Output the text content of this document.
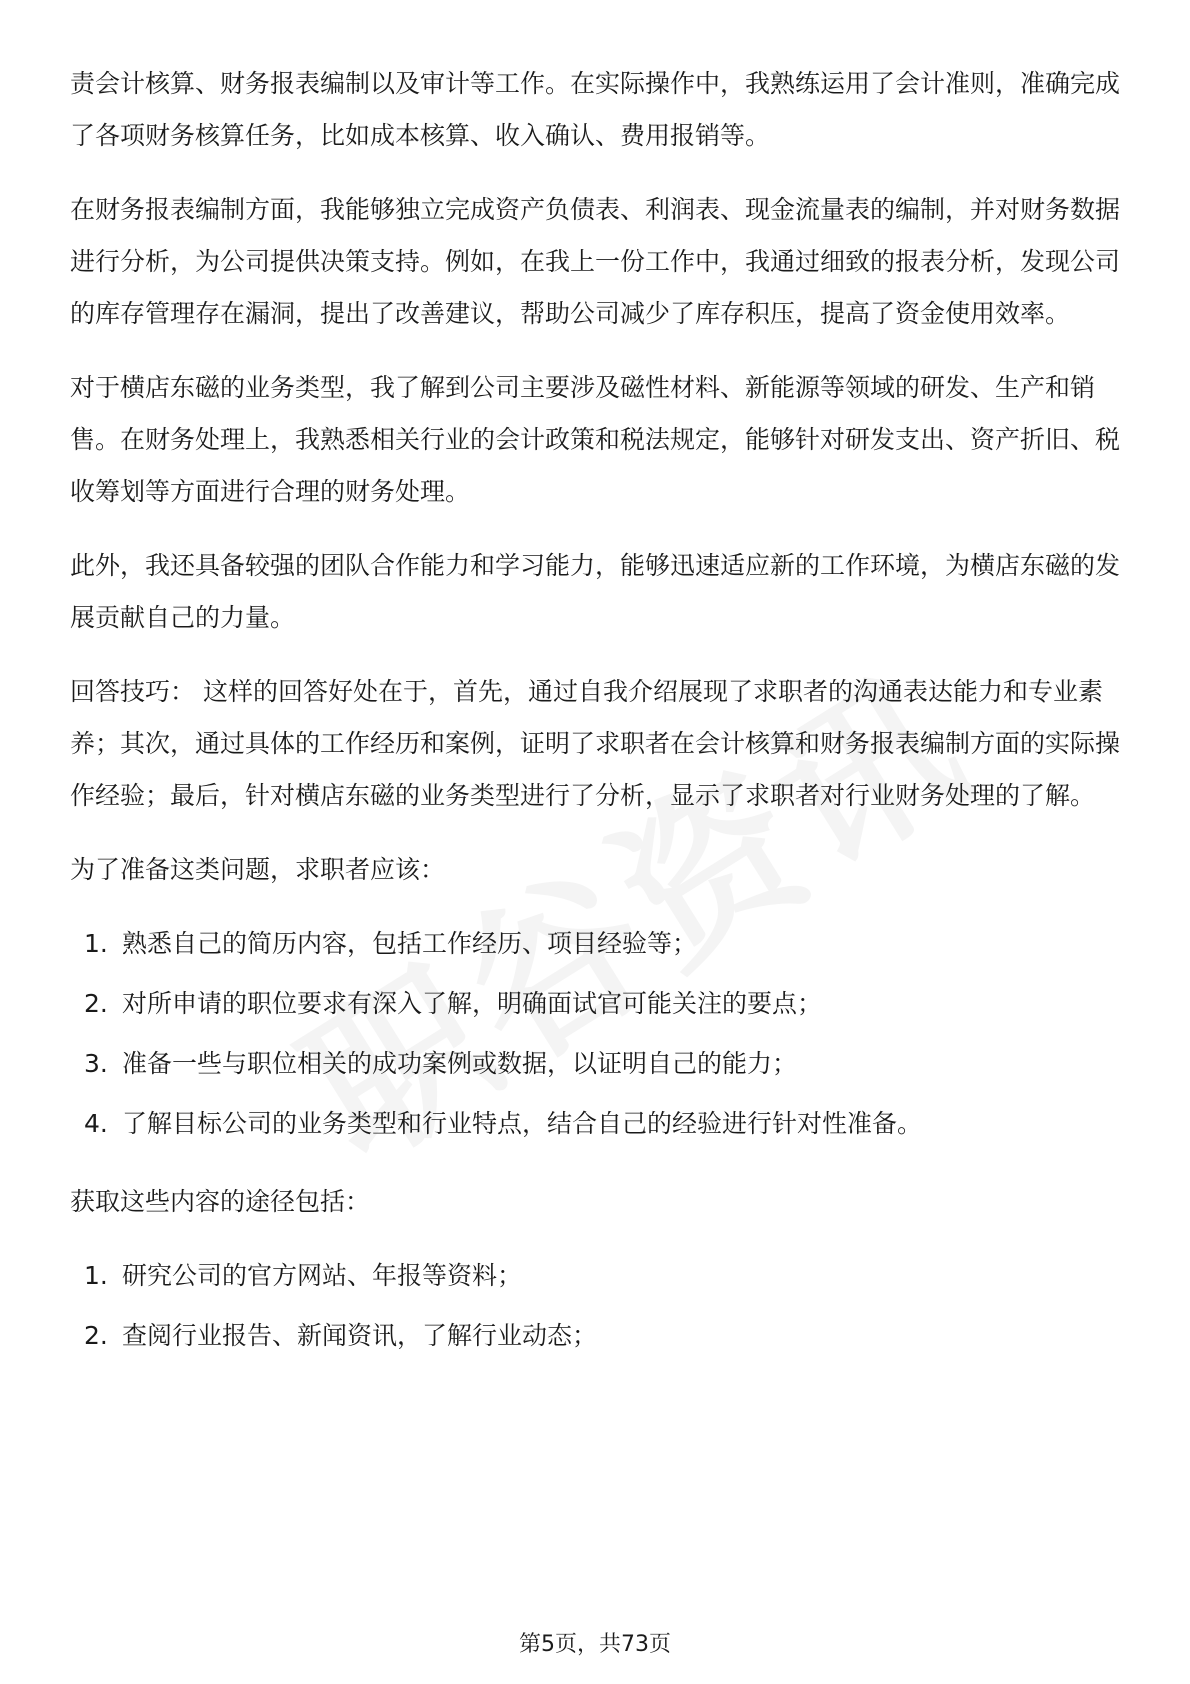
责会计核算、财务报表编制以及审计等工作。在实际操作中，我熟练运用了会计准则，准确完成了各项财务核算任务，比如成本核算、收入确认、费用报销等。

在财务报表编制方面，我能够独立完成资产负债表、利润表、现金流量表的编制，并对财务数据进行分析，为公司提供决策支持。例如，在我上一份工作中，我通过细致的报表分析，发现公司的库存管理存在漏洞，提出了改善建议，帮助公司减少了库存积压，提高了资金使用效率。

对于横店东磁的业务类型，我了解到公司主要涉及磁性材料、新能源等领域的研发、生产和销售。在财务处理上，我熟悉相关行业的会计政策和税法规定，能够针对研发支出、资产折旧、税收筹划等方面进行合理的财务处理。

此外，我还具备较强的团队合作能力和学习能力，能够迅速适应新的工作环境，为横店东磁的发展贡献自己的力量。

回答技巧： 这样的回答好处在于，首先，通过自我介绍展现了求职者的沟通表达能力和专业素养；其次，通过具体的工作经历和案例，证明了求职者在会计核算和财务报表编制方面的实际操作经验；最后，针对横店东磁的业务类型进行了分析，显示了求职者对行业财务处理的了解。

为了准备这类问题，求职者应该：

1. 熟悉自己的简历内容，包括工作经历、项目经验等；
2. 对所申请的职位要求有深入了解，明确面试官可能关注的要点；
3. 准备一些与职位相关的成功案例或数据，以证明自己的能力；
4. 了解目标公司的业务类型和行业特点，结合自己的经验进行针对性准备。

获取这些内容的途径包括：

1. 研究公司的官方网站、年报等资料；
2. 查阅行业报告、新闻资讯，了解行业动态；
第5页，共73页
